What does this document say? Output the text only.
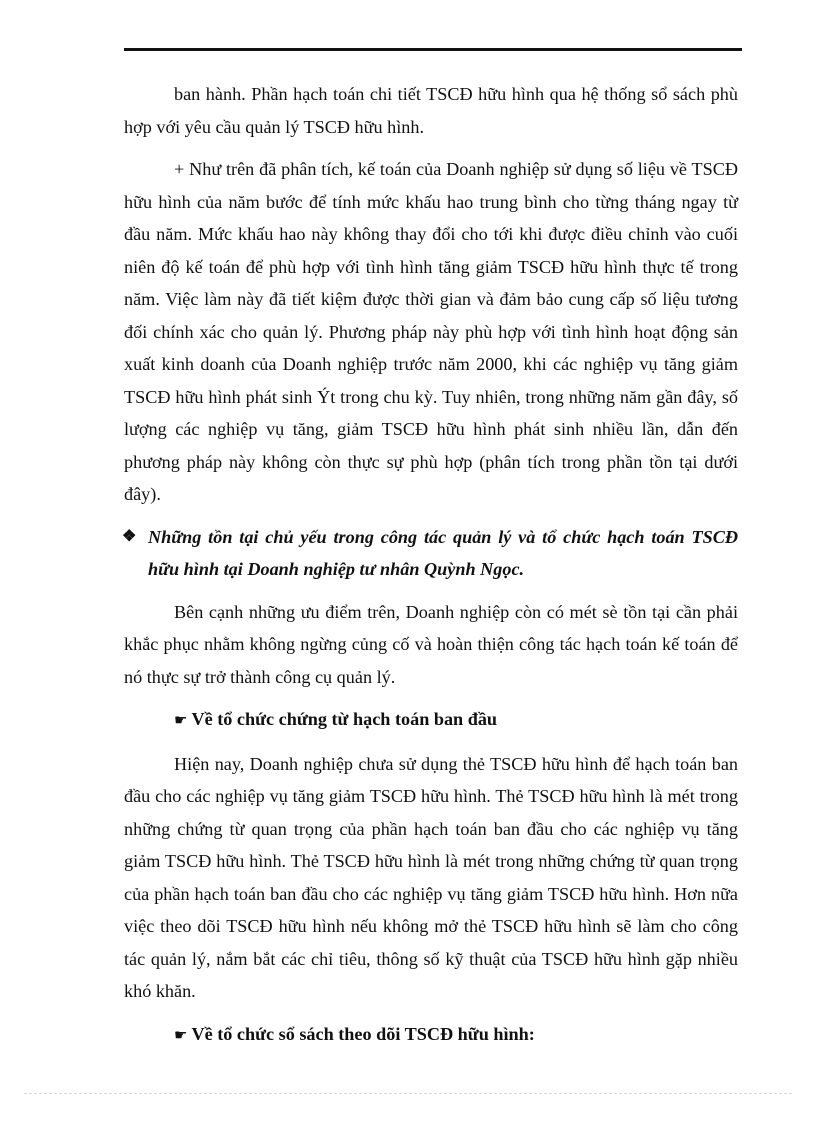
ban hành. Phần hạch toán chi tiết TSCĐ hữu hình qua hệ thống sổ sách phù hợp với yêu cầu quản lý TSCĐ hữu hình.

+ Như trên đã phân tích, kế toán của Doanh nghiệp sử dụng số liệu về TSCĐ hữu hình của năm bước để tính mức khấu hao trung bình cho từng tháng ngay từ đầu năm. Mức khấu hao này không thay đổi cho tới khi được điều chỉnh vào cuối niên độ kế toán để phù hợp với tình hình tăng giảm TSCĐ hữu hình thực tế trong năm. Việc làm này đã tiết kiệm được thời gian và đảm bảo cung cấp số liệu tương đối chính xác cho quản lý. Phương pháp này phù hợp với tình hình hoạt động sản xuất kinh doanh của Doanh nghiệp trước năm 2000, khi các nghiệp vụ tăng giảm TSCĐ hữu hình phát sinh Ýt trong chu kỳ. Tuy nhiên, trong những năm gần đây, số lượng các nghiệp vụ tăng, giảm TSCĐ hữu hình phát sinh nhiều lần, dẫn đến phương pháp này không còn thực sự phù hợp (phân tích trong phần tồn tại dưới đây).

❖ Những tồn tại chủ yếu trong công tác quản lý và tổ chức hạch toán TSCĐ hữu hình tại Doanh nghiệp tư nhân Quỳnh Ngọc.

Bên cạnh những ưu điểm trên, Doanh nghiệp còn có mét sè tồn tại cần phải khắc phục nhằm không ngừng củng cố và hoàn thiện công tác hạch toán kế toán để nó thực sự trở thành công cụ quản lý.

☛ Về tổ chức chứng từ hạch toán ban đầu

Hiện nay, Doanh nghiệp chưa sử dụng thẻ TSCĐ hữu hình để hạch toán ban đầu cho các nghiệp vụ tăng giảm TSCĐ hữu hình. Thẻ TSCĐ hữu hình là mét trong những chứng từ quan trọng của phần hạch toán ban đầu cho các nghiệp vụ tăng giảm TSCĐ hữu hình. Thẻ TSCĐ hữu hình là mét trong những chứng từ quan trọng của phần hạch toán ban đầu cho các nghiệp vụ tăng giảm TSCĐ hữu hình. Hơn nữa việc theo dõi TSCĐ hữu hình nếu không mở thẻ TSCĐ hữu hình sẽ làm cho công tác quản lý, nắm bắt các chỉ tiêu, thông số kỹ thuật của TSCĐ hữu hình gặp nhiều khó khăn.

☛ Về tổ chức sổ sách theo dõi TSCĐ hữu hình:
